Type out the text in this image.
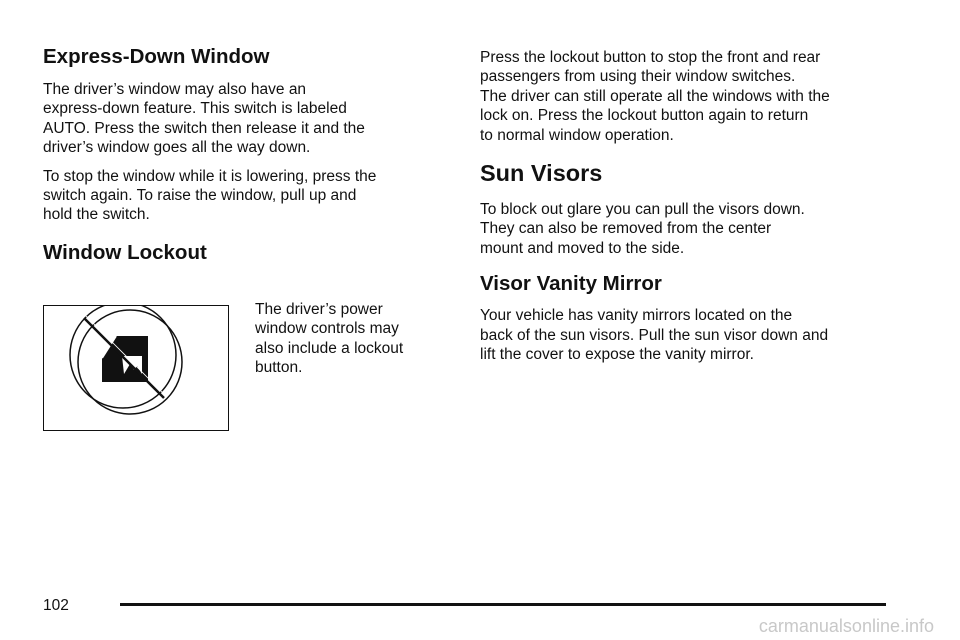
Express-Down Window

The driver’s window may also have an
express-down feature. This switch is labeled
AUTO. Press the switch then release it and the
driver’s window goes all the way down.

To stop the window while it is lowering, press the
switch again. To raise the window, pull up and
hold the switch.

Window Lockout

The driver’s power
window controls may
also include a lockout
button.

Press the lockout button to stop the front and rear
passengers from using their window switches.
The driver can still operate all the windows with the
lock on. Press the lockout button again to return
to normal window operation.

Sun Visors

To block out glare you can pull the visors down.
They can also be removed from the center
mount and moved to the side.

Visor Vanity Mirror

Your vehicle has vanity mirrors located on the
back of the sun visors. Pull the sun visor down and
lift the cover to expose the vanity mirror.

102
carmanualsonline.info
